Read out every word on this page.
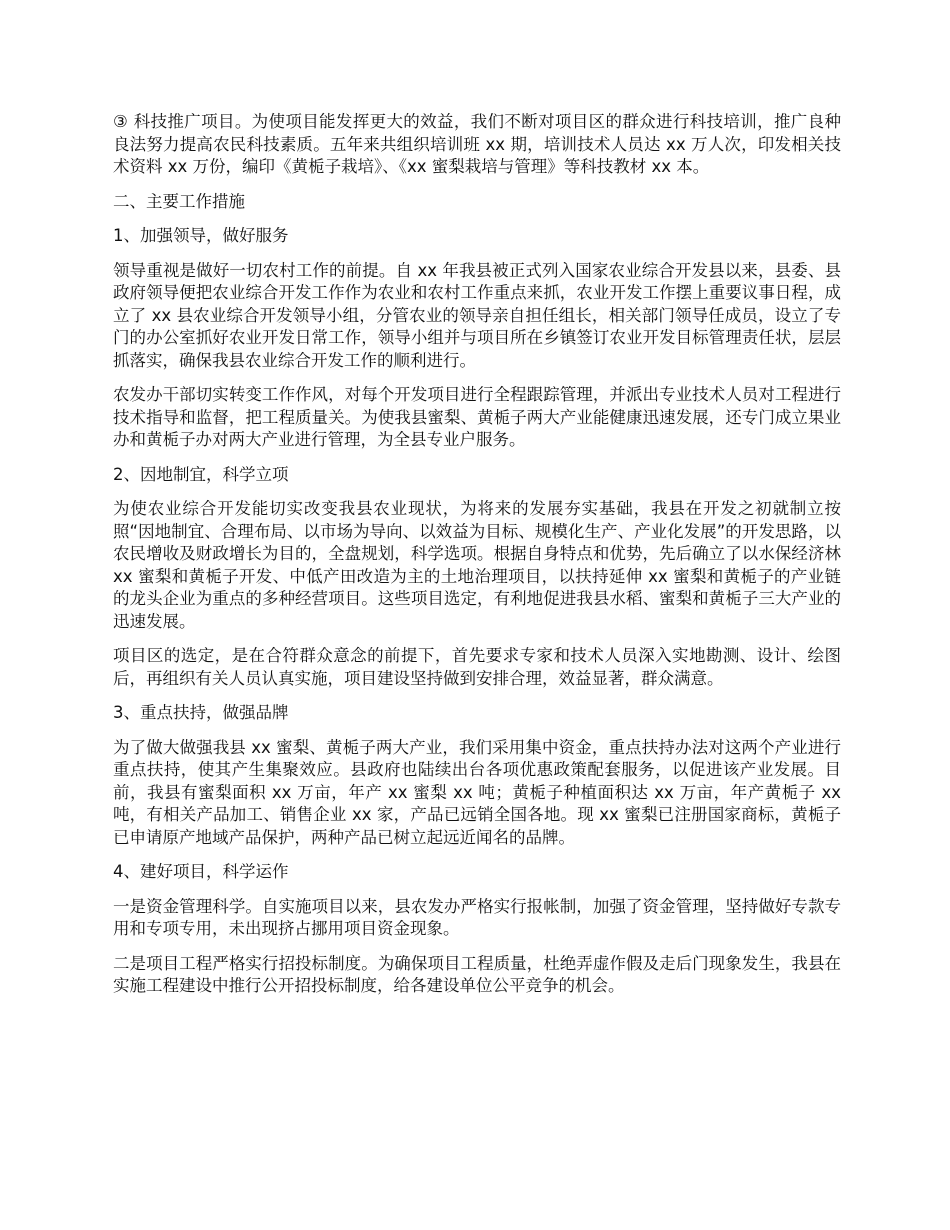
③ 科技推广项目。为使项目能发挥更大的效益，我们不断对项目区的群众进行科技培训，推广良种良法努力提高农民科技素质。五年来共组织培训班 xx 期，培训技术人员达 xx 万人次，印发相关技术资料 xx 万份，编印《黄栀子栽培》、《xx 蜜梨栽培与管理》等科技教材 xx 本。

二、主要工作措施

1、加强领导，做好服务

领导重视是做好一切农村工作的前提。自 xx 年我县被正式列入国家农业综合开发县以来，县委、县政府领导便把农业综合开发工作作为农业和农村工作重点来抓，农业开发工作摆上重要议事日程，成立了 xx 县农业综合开发领导小组，分管农业的领导亲自担任组长，相关部门领导任成员，设立了专门的办公室抓好农业开发日常工作，领导小组并与项目所在乡镇签订农业开发目标管理责任状，层层抓落实，确保我县农业综合开发工作的顺利进行。

农发办干部切实转变工作作风，对每个开发项目进行全程跟踪管理，并派出专业技术人员对工程进行技术指导和监督，把工程质量关。为使我县蜜梨、黄栀子两大产业能健康迅速发展，还专门成立果业办和黄栀子办对两大产业进行管理，为全县专业户服务。

2、因地制宜，科学立项

为使农业综合开发能切实改变我县农业现状，为将来的发展夯实基础，我县在开发之初就制立按照“因地制宜、合理布局、以市场为导向、以效益为目标、规模化生产、产业化发展”的开发思路，以农民增收及财政增长为目的，全盘规划，科学选项。根据自身特点和优势，先后确立了以水保经济林 xx 蜜梨和黄栀子开发、中低产田改造为主的土地治理项目，以扶持延伸 xx 蜜梨和黄栀子的产业链的龙头企业为重点的多种经营项目。这些项目选定，有利地促进我县水稻、蜜梨和黄栀子三大产业的迅速发展。

项目区的选定，是在合符群众意念的前提下，首先要求专家和技术人员深入实地勘测、设计、绘图后，再组织有关人员认真实施，项目建设坚持做到安排合理，效益显著，群众满意。

3、重点扶持，做强品牌

为了做大做强我县 xx 蜜梨、黄栀子两大产业，我们采用集中资金，重点扶持办法对这两个产业进行重点扶持，使其产生集聚效应。县政府也陆续出台各项优惠政策配套服务，以促进该产业发展。目前，我县有蜜梨面积 xx 万亩，年产 xx 蜜梨 xx 吨；黄栀子种植面积达 xx 万亩，年产黄栀子 xx 吨，有相关产品加工、销售企业 xx 家，产品已远销全国各地。现 xx 蜜梨已注册国家商标，黄栀子已申请原产地域产品保护，两种产品已树立起远近闻名的品牌。

4、建好项目，科学运作

一是资金管理科学。自实施项目以来，县农发办严格实行报帐制，加强了资金管理，坚持做好专款专用和专项专用，未出现挤占挪用项目资金现象。

二是项目工程严格实行招投标制度。为确保项目工程质量，杜绝弄虚作假及走后门现象发生，我县在实施工程建设中推行公开招投标制度，给各建设单位公平竞争的机会。
